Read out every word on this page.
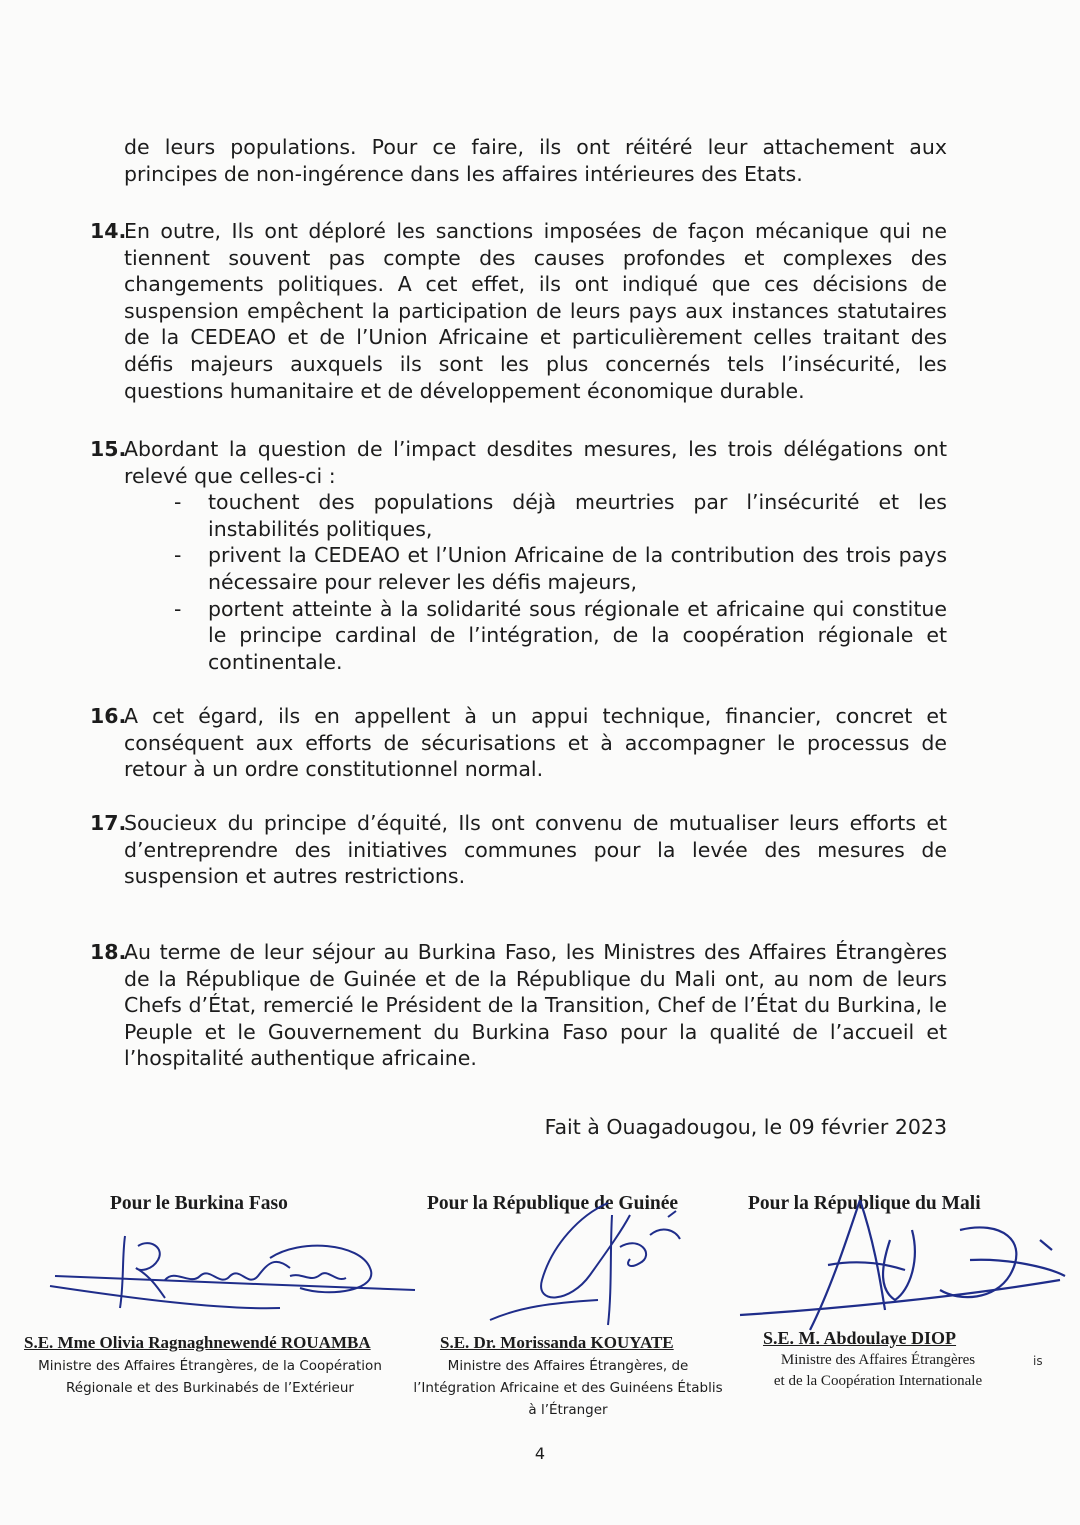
de leurs populations. Pour ce faire, ils ont réitéré leur attachement aux principes de non-ingérence dans les affaires intérieures des Etats.
14.
En outre, Ils ont déploré les sanctions imposées de façon mécanique qui ne tiennent souvent pas compte des causes profondes et complexes des changements politiques. A cet effet, ils ont indiqué que ces décisions de suspension empêchent la participation de leurs pays aux instances statutaires de la CEDEAO et de l’Union Africaine et particulièrement celles traitant des défis majeurs auxquels ils sont les plus concernés tels l’insécurité, les questions humanitaire et de développement économique durable.
15.
Abordant la question de l’impact desdites mesures, les trois délégations ont relevé que celles-ci :
- touchent des populations déjà meurtries par l’insécurité et les instabilités politiques,
- privent la CEDEAO et l’Union Africaine de la contribution des trois pays nécessaire pour relever les défis majeurs,
- portent atteinte à la solidarité sous régionale et africaine qui constitue le principe cardinal de l’intégration, de la coopération régionale et continentale.
16.
A cet égard, ils en appellent à un appui technique, financier, concret et conséquent aux efforts de sécurisations et à accompagner le processus de retour à un ordre constitutionnel normal.
17.
Soucieux du principe d’équité, Ils ont convenu de mutualiser leurs efforts et d’entreprendre des initiatives communes pour la levée des mesures de suspension et autres restrictions.
18.
Au terme de leur séjour au Burkina Faso, les Ministres des Affaires Étrangères de la République de Guinée et de la République du Mali ont, au nom de leurs Chefs d’État, remercié le Président de la Transition, Chef de l’État du Burkina, le Peuple et le Gouvernement du Burkina Faso pour la qualité de l’accueil et l’hospitalité authentique africaine.
Fait à Ouagadougou, le 09 février 2023
Pour le Burkina Faso
S.E. Mme Olivia Ragnaghnewendé ROUAMBA
Ministre des Affaires Étrangères, de la Coopération
Régionale et des Burkinabés de l’Extérieur
Pour la République de Guinée
S.E. Dr. Morissanda KOUYATE
Ministre des Affaires Étrangères, de
l’Intégration Africaine et des Guinéens Établis
à l’Étranger
Pour la République du Mali
S.E. M. Abdoulaye DIOP
Ministre des Affaires Étrangères
et de la Coopération Internationale
is
4
